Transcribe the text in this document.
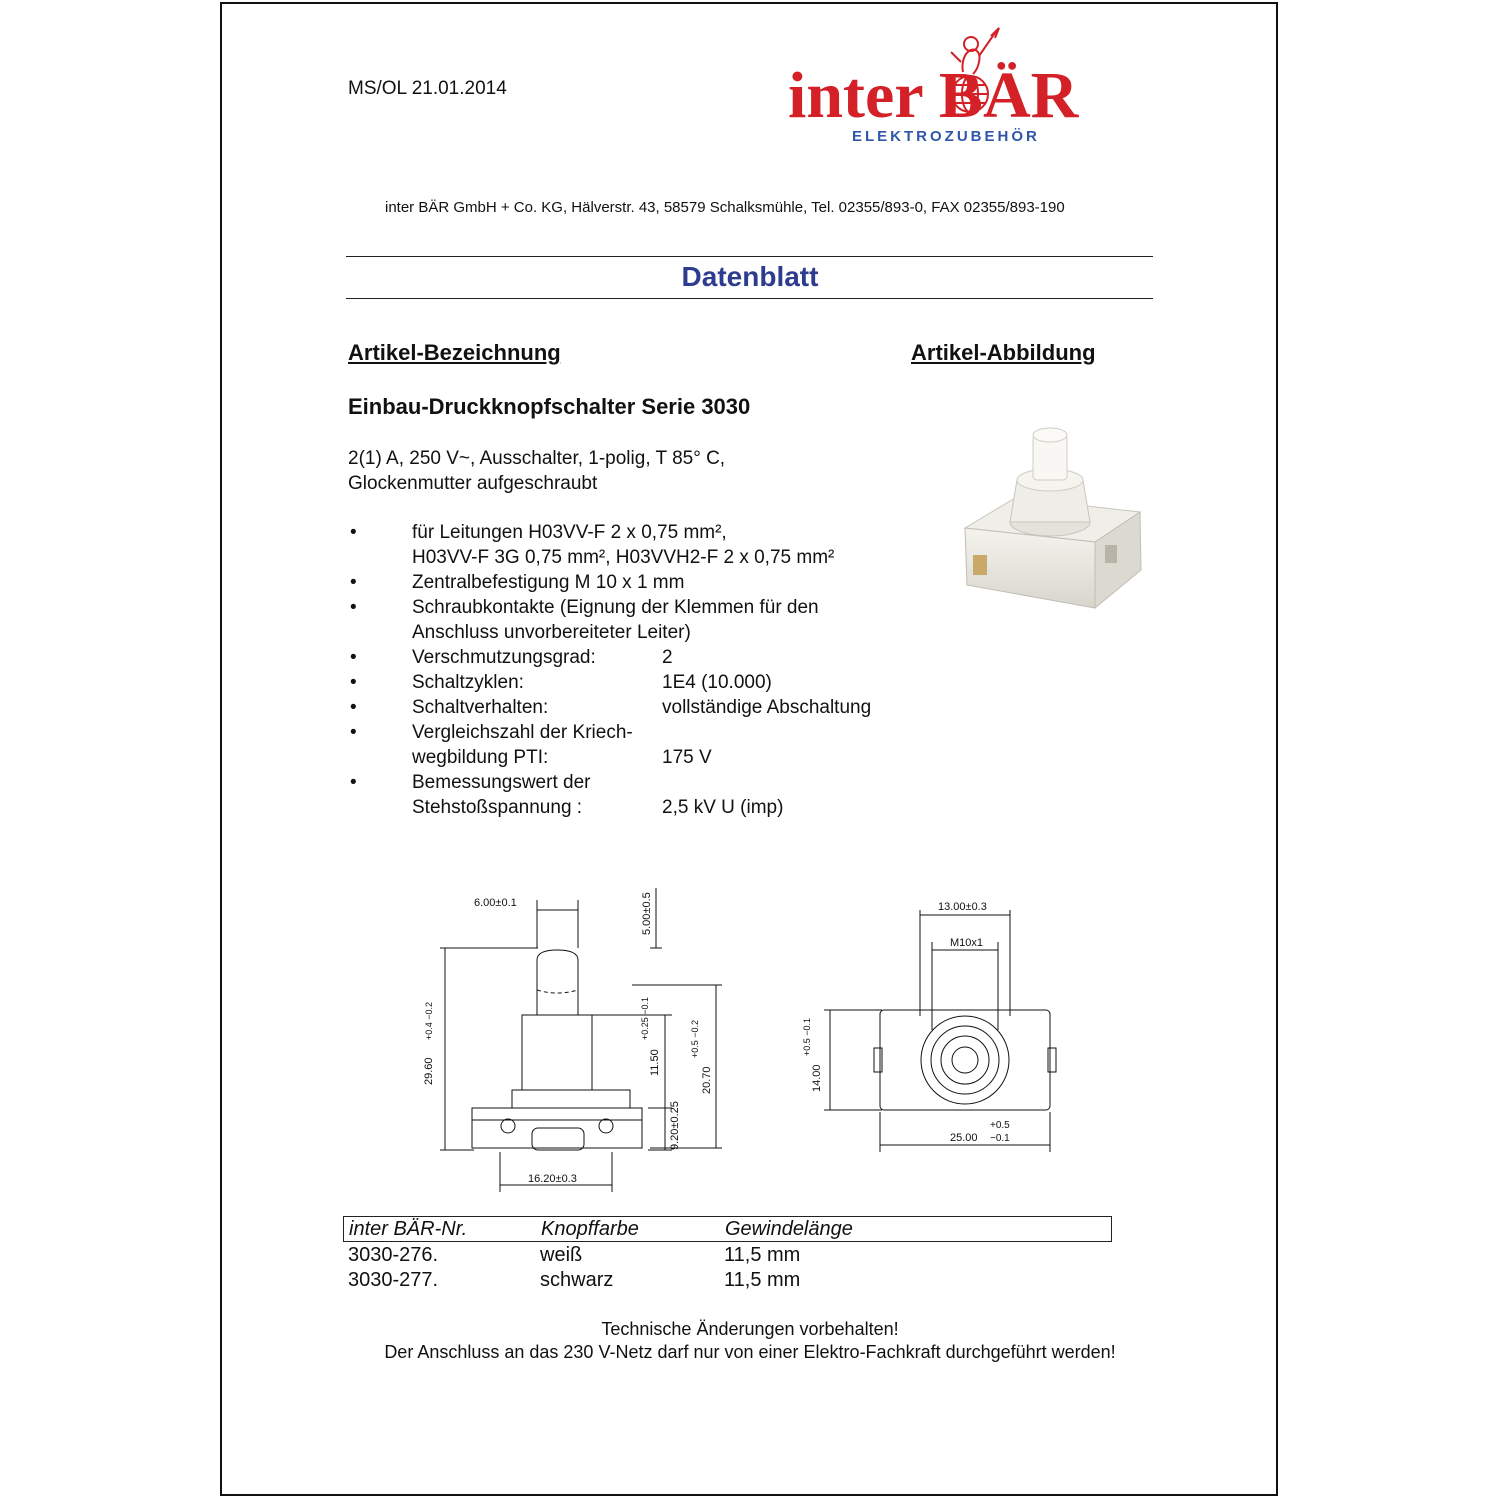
MS/OL 21.01.2014	inter BÄR
ELEKTROZUBEHÖR
inter BÄR GmbH + Co. KG, Hälverstr. 43, 58579 Schalksmühle, Tel. 02355/893-0, FAX 02355/893-190
Datenblatt
Artikel-Bezeichnung	Artikel-Abbildung
Einbau-Druckknopfschalter Serie 3030
2(1) A, 250 V~, Ausschalter, 1-polig, T 85° C,
Glockenmutter aufgeschraubt
•	für Leitungen H03VV-F 2 x 0,75 mm²,
H03VV-F 3G 0,75 mm², H03VVH2-F 2 x 0,75 mm²
•	Zentralbefestigung M 10 x 1 mm
•	Schraubkontakte (Eignung der Klemmen für den
Anschluss unvorbereiteter Leiter)
•	Verschmutzungsgrad:	2
•	Schaltzyklen:	1E4 (10.000)
•	Schaltverhalten:	vollständige Abschaltung
•	Vergleichszahl der Kriech-
wegbildung PTI:	175 V
•	Bemessungswert der
Stehstoßspannung :	2,5 kV U (imp)
6.00±0.1	5.00±0.5
29.60
+0.4 −0.2
11.50
+0.25 −0.1
20.70
+0.5 −0.2
9.20±0.25
16.20±0.3
13.00±0.3
M10x1
14.00
+0.5 −0.1
25.00
+0.5
−0.1
inter BÄR-Nr.	Knopffarbe	Gewindelänge
3030-276.	weiß	11,5 mm
3030-277.	schwarz	11,5 mm
Technische Änderungen vorbehalten!
Der Anschluss an das 230 V-Netz darf nur von einer Elektro-Fachkraft durchgeführt werden!
